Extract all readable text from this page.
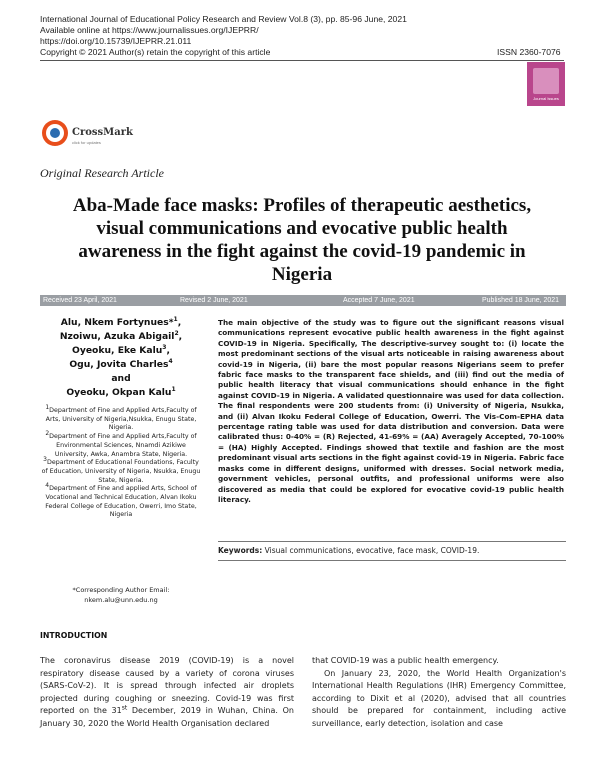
International Journal of Educational Policy Research and Review Vol.8 (3), pp. 85-96 June, 2021
Available online at https://www.journalissues.org/IJEPRR/
https://doi.org/10.15739/IJEPRR.21.011
Copyright © 2021 Author(s) retain the copyright of this article	ISSN 2360-7076
Journal Issues
CrossMark
click for updates
Original Research Article
Aba-Made face masks: Profiles of therapeutic aesthetics,
visual communications and evocative public health
awareness in the fight against the covid-19 pandemic in
Nigeria
Received 23 April, 2021	Revised 2 June, 2021	Accepted 7 June, 2021	Published 18 June, 2021
Alu, Nkem Fortynues*$^1$,
Nzoiwu, Azuka Abigail$^2$,
Oyeoku, Eke Kalu$^3$,
Ogu, Jovita Charles$^4$
and
Oyeoku, Okpan Kalu$^1$
$^1$Department of Fine and Applied Arts,Faculty of Arts, University of Nigeria,Nsukka, Enugu State, Nigeria.
$^2$Department of Fine and Applied Arts,Faculty of Environmental Sciences, Nnamdi Azikiwe University, Awka, Anambra State, Nigeria.
$^3$Department of Educational Foundations, Faculty of Education, University of Nigeria, Nsukka, Enugu State, Nigeria.
$^4$Department of Fine and applied Arts, School of Vocational and Technical Education, Alvan Ikoku Federal College of Education, Owerri, Imo State, Nigeria
*Corresponding Author Email:
nkem.alu@unn.edu.ng
The main objective of the study was to figure out the significant reasons visual communications represent evocative public health awareness in the fight against COVID-19 in Nigeria. Specifically, The descriptive-survey sought to: (i) locate the most predominant sections of the visual arts noticeable in raising awareness about covid-19 in Nigeria, (ii) bare the most popular reasons Nigerians seem to prefer fabric face masks to the transparent face shields, and (iii) find out the media of public health literacy that visual communications should enhance in the fight against COVID-19 in Nigeria. A validated questionnaire was used for data collection. The final respondents were 200 students from: (i) University of Nigeria, Nsukka, and (ii) Alvan Ikoku Federal College of Education, Owerri. The Vis-Com-EPHA data percentage rating table was used for data distribution and conversion. Data were calibrated thus: 0-40% = (R) Rejected, 41-69% = (AA) Averagely Accepted, 70-100% = (HA) Highly Accepted. Findings showed that textile and fashion are the most predominant visual arts sections in the fight against covid-19 in Nigeria. Fabric face masks come in different designs, uniformed with dresses. Social network media, government vehicles, personal outfits, and professional uniforms were also discovered as media that could be explored for evocative covid-19 public health literacy.
Keywords: Visual communications, evocative, face mask, COVID-19.
INTRODUCTION

The coronavirus disease 2019 (COVID-19) is a novel respiratory disease caused by a variety of corona viruses (SARS-CoV-2). It is spread through infected air droplets projected during coughing or sneezing. Covid-19 was first reported on the 31st December, 2019 in Wuhan, China. On January 30, 2020 the World Health Organisation declared

that COVID-19 was a public health emergency.

On January 23, 2020, the World Health Organization's International Health Regulations (IHR) Emergency Committee, according to Dixit et al (2020), advised that all countries should be prepared for containment, including active surveillance, early detection, isolation and case
